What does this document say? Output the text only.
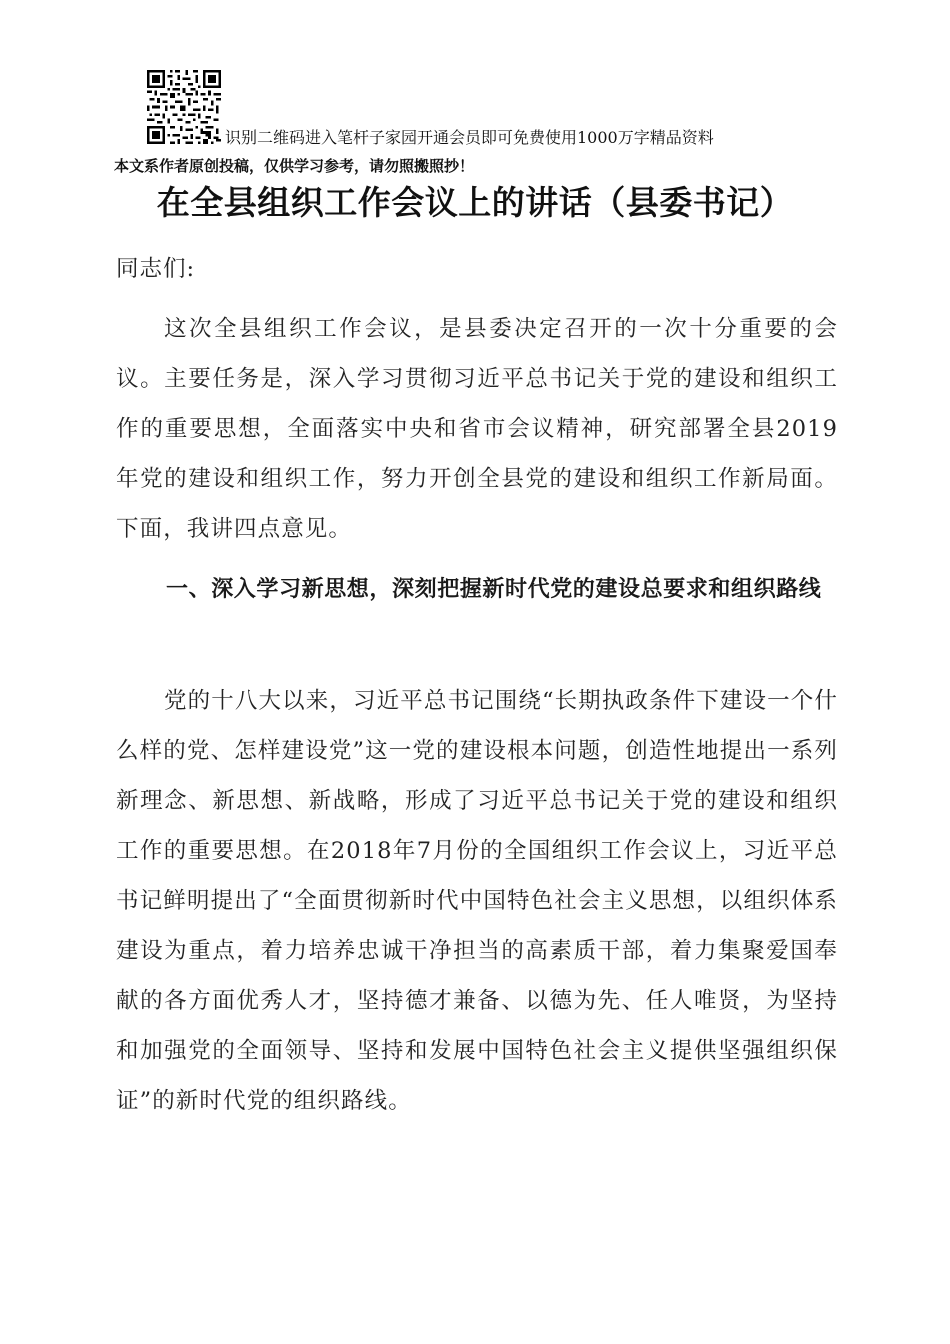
识别二维码进入笔杆子家园开通会员即可免费使用1000万字精品资料
本文系作者原创投稿，仅供学习参考，请勿照搬照抄！
在全县组织工作会议上的讲话（县委书记）
同志们:
这次全县组织工作会议，是县委决定召开的一次十分重要的会议。主要任务是，深入学习贯彻习近平总书记关于党的建设和组织工作的重要思想，全面落实中央和省市会议精神，研究部署全县2019年党的建设和组织工作，努力开创全县党的建设和组织工作新局面。下面，我讲四点意见。
一、深入学习新思想，深刻把握新时代党的建设总要求和组织路线
党的十八大以来，习近平总书记围绕“长期执政条件下建设一个什么样的党、怎样建设党”这一党的建设根本问题，创造性地提出一系列新理念、新思想、新战略，形成了习近平总书记关于党的建设和组织工作的重要思想。在2018年7月份的全国组织工作会议上，习近平总书记鲜明提出了“全面贯彻新时代中国特色社会主义思想，以组织体系建设为重点，着力培养忠诚干净担当的高素质干部，着力集聚爱国奉献的各方面优秀人才，坚持德才兼备、以德为先、任人唯贤，为坚持和加强党的全面领导、坚持和发展中国特色社会主义提供坚强组织保证”的新时代党的组织路线。
